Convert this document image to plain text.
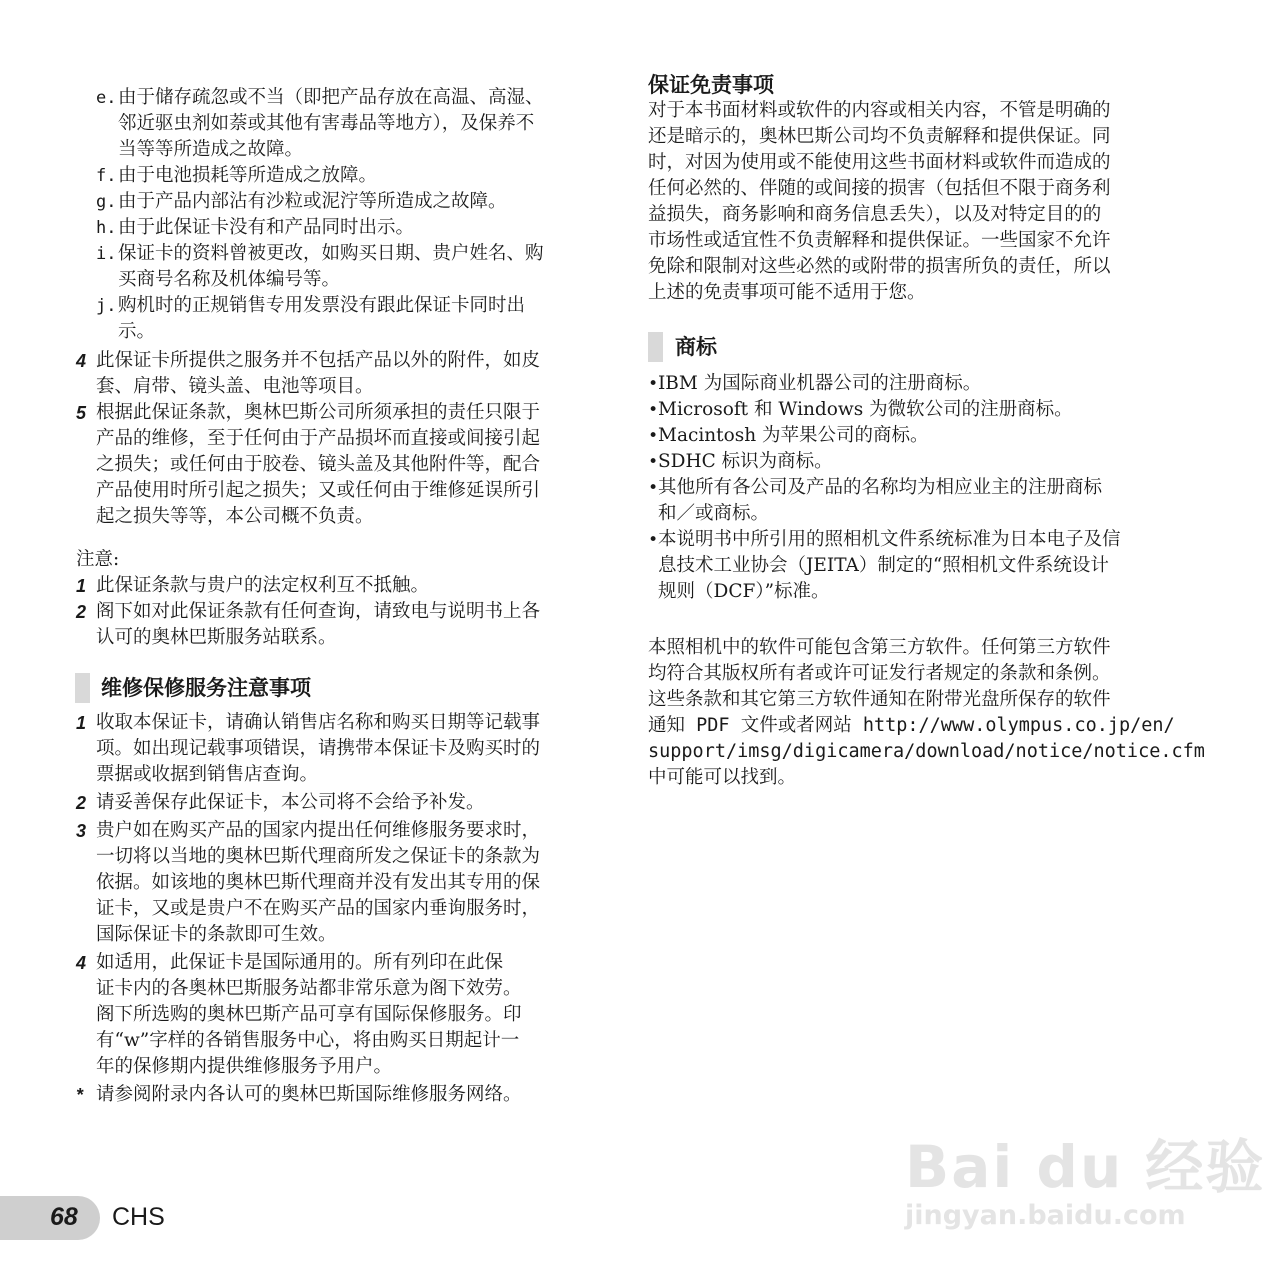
注意:
维修保修服务注意事项
保证免责事项
商标
68 CHS
Bai du 经验
jingyan.baidu.com
对于本书面材料或软件的内容或相关内容，不管是明确的
还是暗示的，奥林巴斯公司均不负责解释和提供保证。同
时，对因为使用或不能使用这些书面材料或软件而造成的
任何必然的、伴随的或间接的损害（包括但不限于商务利
益损失，商务影响和商务信息丢失），以及对特定目的的
市场性或适宜性不负责解释和提供保证。一些国家不允许
免除和限制对这些必然的或附带的损害所负的责任，所以
上述的免责事项可能不适用于您。
本照相机中的软件可能包含第三方软件。任何第三方软件
均符合其版权所有者或许可证发行者规定的条款和条例。
这些条款和其它第三方软件通知在附带光盘所保存的软件
通知 PDF 文件或者网站 http://www.olympus.co.jp/en/
support/imsg/digicamera/download/notice/notice.cfm
中可能可以找到。
e. 由于储存疏忽或不当（即把产品存放在高温、高湿、
邻近驱虫剂如萘或其他有害毒品等地方），及保养不
当等等所造成之故障。
f. 由于电池损耗等所造成之放障。
g. 由于产品内部沾有沙粒或泥泞等所造成之故障。
h. 由于此保证卡没有和产品同时出示。
i. 保证卡的资料曾被更改，如购买日期、贵户姓名、购
买商号名称及机体编号等。
j. 购机时的正规销售专用发票没有跟此保证卡同时出
示。
4 此保证卡所提供之服务并不包括产品以外的附件，如皮
套、肩带、镜头盖、电池等项目。
5 根据此保证条款，奥林巴斯公司所须承担的责任只限于
产品的维修，至于任何由于产品损坏而直接或间接引起
之损失；或任何由于胶卷、镜头盖及其他附件等，配合
产品使用时所引起之损失；又或任何由于维修延误所引
起之损失等等，本公司概不负责。
1 此保证条款与贵户的法定权利互不抵触。
2 阁下如对此保证条款有任何查询，请致电与说明书上各
认可的奥林巴斯服务站联系。
1 收取本保证卡，请确认销售店名称和购买日期等记载事
项。如出现记载事项错误，请携带本保证卡及购买时的
票据或收据到销售店查询。
2 请妥善保存此保证卡，本公司将不会给予补发。
3 贵户如在购买产品的国家内提出任何维修服务要求时，
一切将以当地的奥林巴斯代理商所发之保证卡的条款为
依据。如该地的奥林巴斯代理商并没有发出其专用的保
证卡，又或是贵户不在购买产品的国家内垂询服务时，
国际保证卡的条款即可生效。
4 如适用，此保证卡是国际通用的。所有列印在此保
证卡内的各奥林巴斯服务站都非常乐意为阁下效劳。
阁下所选购的奥林巴斯产品可享有国际保修服务。印
有“w”字样的各销售服务中心，将由购买日期起计一
年的保修期内提供维修服务予用户。
* 请参阅附录内各认可的奥林巴斯国际维修服务网络。
• IBM 为国际商业机器公司的注册商标。
• Microsoft 和 Windows 为微软公司的注册商标。
• Macintosh 为苹果公司的商标。
• SDHC 标识为商标。
• 其他所有各公司及产品的名称均为相应业主的注册商标
和／或商标。
• 本说明书中所引用的照相机文件系统标准为日本电子及信
息技术工业协会（JEITA）制定的“照相机文件系统设计
规则（DCF）”标准。
